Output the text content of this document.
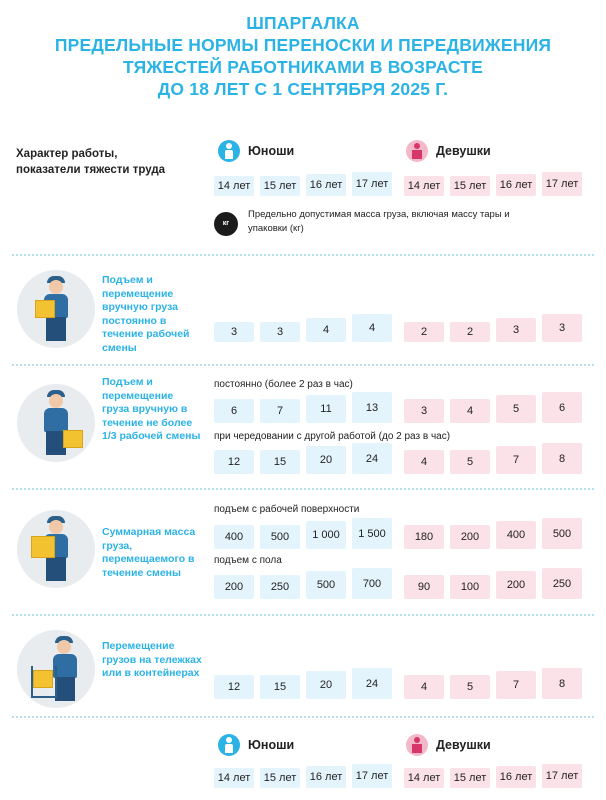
ШПАРГАЛКА
ПРЕДЕЛЬНЫЕ НОРМЫ ПЕРЕНОСКИ И ПЕРЕДВИЖЕНИЯ
ТЯЖЕСТЕЙ РАБОТНИКАМИ В ВОЗРАСТЕ
ДО 18 ЛЕТ С 1 СЕНТЯБРЯ 2025 Г.
Характер работы,
показатели тяжести труда
Юноши	Девушки
14 лет	15 лет	16 лет	17 лет	14 лет	15 лет	16 лет	17 лет
кг
Предельно допустимая масса груза, включая массу тары и упаковки (кг)
Подъем и перемещение вручную груза постоянно в течение рабочей смены
3	3	4	4	2	2	3	3
Подъем и перемещение груза вручную в течение не более 1/3 рабочей смены
постоянно (более 2 раз в час)
6	7	11	13	3	4	5	6
при чередовании с другой работой (до 2 раз в час)
12	15	20	24	4	5	7	8
Суммарная масса груза, перемещаемого в течение смены
подъем с рабочей поверхности
400	500	1 000	1 500	180	200	400	500
подъем с пола
200	250	500	700	90	100	200	250
Перемещение грузов на тележках или в контейнерах
12	15	20	24	4	5	7	8
Юноши	Девушки
14 лет	15 лет	16 лет	17 лет	14 лет	15 лет	16 лет	17 лет
